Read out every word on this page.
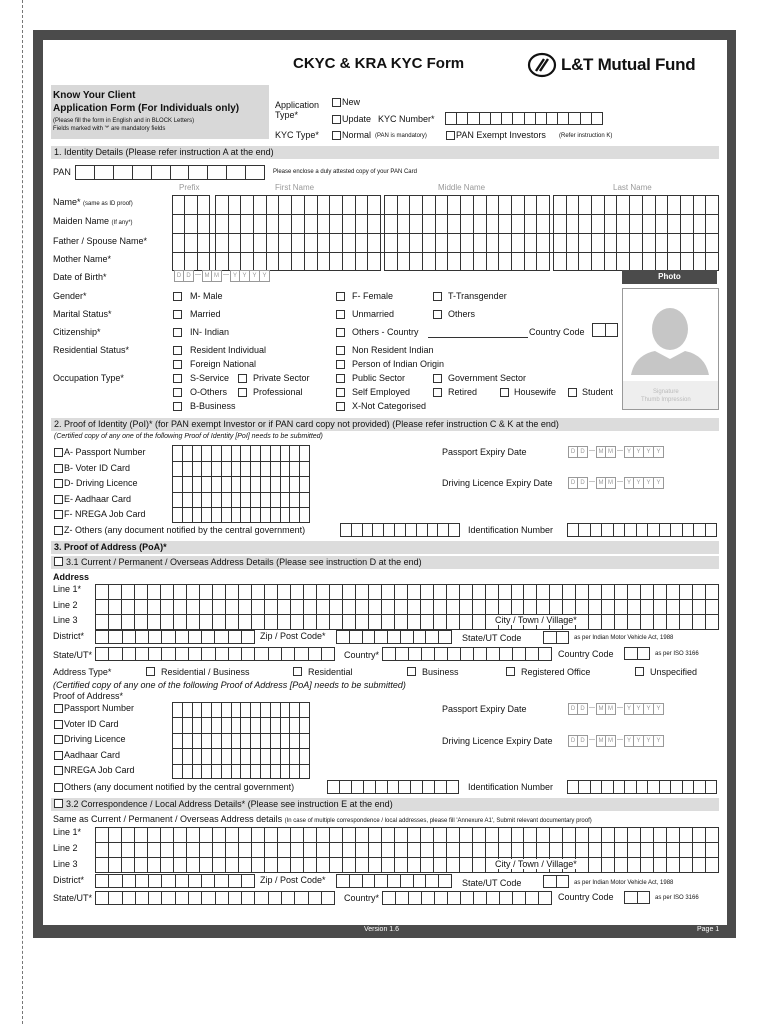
Version 1.6	Page 1
CKYC & KRA KYC Form	L&T Mutual Fund
Know Your Client
Application Form (For Individuals only)
(Please fill the form in English and in BLOCK Letters)
Fields marked with '*' are mandatory fields
Application
Type*
New
Update KYC Number*
KYC Type*	Normal (PAN is mandatory)	PAN Exempt Investors (Refer instruction K)
1. Identity Details (Please refer instruction A at the end)
PAN	Please enclose a duly attested copy of your PAN Card
Prefix	First Name	Middle Name	Last Name
Name* (same as ID proof)
Maiden Name (If any*)
Father / Spouse Name*
Mother Name*
Date of Birth*	D D — M M — Y Y Y Y	Photo
Signature
Thumb Impression
Gender*	M- Male	F- Female	T-Transgender
Marital Status*	Married	Unmarried	Others
Citizenship*	IN- Indian	Others - Country	Country Code
Residential Status*	Resident Individual	Non Resident Indian
Foreign National	Person of Indian Origin
Occupation Type*	S-Service	Private Sector	Public Sector	Government Sector
O-Others	Professional	Self Employed	Retired	Housewife	Student
B-Business	X-Not Categorised
2. Proof of Identity (PoI)* (for PAN exempt Investor or if PAN card copy not provided) (Please refer instruction C & K at the end)
(Certified copy of any one of the following Proof of Identity [PoI] needs to be submitted)
A- Passport Number
B- Voter ID Card
D- Driving Licence
E- Aadhaar Card
F- NREGA Job Card
Z- Others (any document notified by the central government)
Passport Expiry Date	D D — M M — Y Y Y Y
Driving Licence Expiry Date	D D — M M — Y Y Y Y
Identification Number
3. Proof of Address (PoA)*
3.1 Current / Permanent / Overseas Address Details (Please see instruction D at the end)
Address
Line 1*
Line 2
Line 3	City / Town / Village*
District*	Zip / Post Code*	State/UT Code	as per Indian Motor Vehicle Act, 1988
State/UT*	Country*	Country Code	as per ISO 3166
Address Type*	Residential / Business	Residential	Business	Registered Office	Unspecified
(Certified copy of any one of the following Proof of Address [PoA] needs to be submitted)
Proof of Address*
Passport Number
Voter ID Card
Driving Licence
Aadhaar Card
NREGA Job Card
Others (any document notified by the central government)
Passport Expiry Date	D D — M M — Y Y Y Y
Driving Licence Expiry Date	D D — M M — Y Y Y Y
Identification Number
3.2 Correspondence / Local Address Details* (Please see instruction E at the end)
Same as Current / Permanent / Overseas Address details (In case of multiple correspondence / local addresses, please fill 'Annexure A1', Submit relevant documentary proof)
Line 1*
Line 2
Line 3	City / Town / Village*
District*	Zip / Post Code*	State/UT Code	as per Indian Motor Vehicle Act, 1988
State/UT*	Country*	Country Code	as per ISO 3166
